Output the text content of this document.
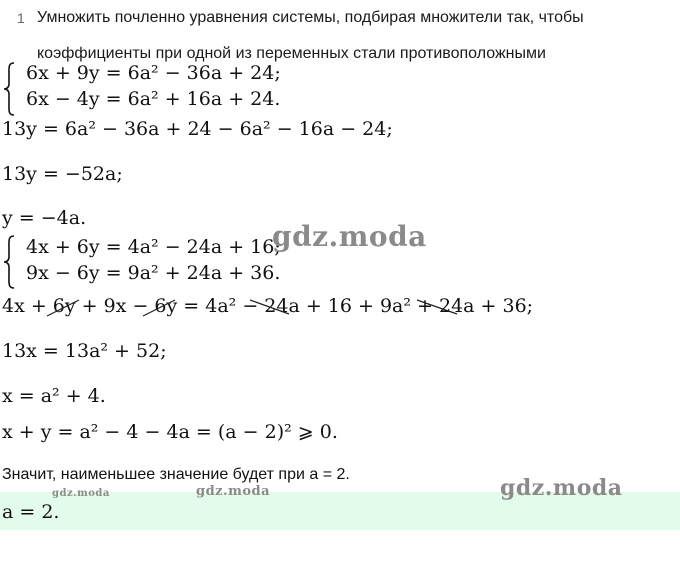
1 Умножить почленно уравнения системы, подбирая множители так, чтобы
коэффициенты при одной из переменных стали противоположными
6x + 9y = 6a² − 36a + 24;
6x − 4y = 6a² + 16a + 24.
13y = 6a² − 36a + 24 − 6a² − 16a − 24;
13y = −52a;
y = −4a.
4x + 6y = 4a² − 24a + 16;
9x − 6y = 9a² + 24a + 36.
4x + 6y + 9x − 6y = 4a² − 24a + 16 + 9a² + 24a + 36;
13x = 13a² + 52;
x = a² + 4.
x + y = a² − 4 − 4a = (a − 2)² ⩾ 0.
Значит, наименьшее значение будет при a = 2.
a = 2.
gdz.moda
gdz.moda
gdz.moda
gdz.moda
